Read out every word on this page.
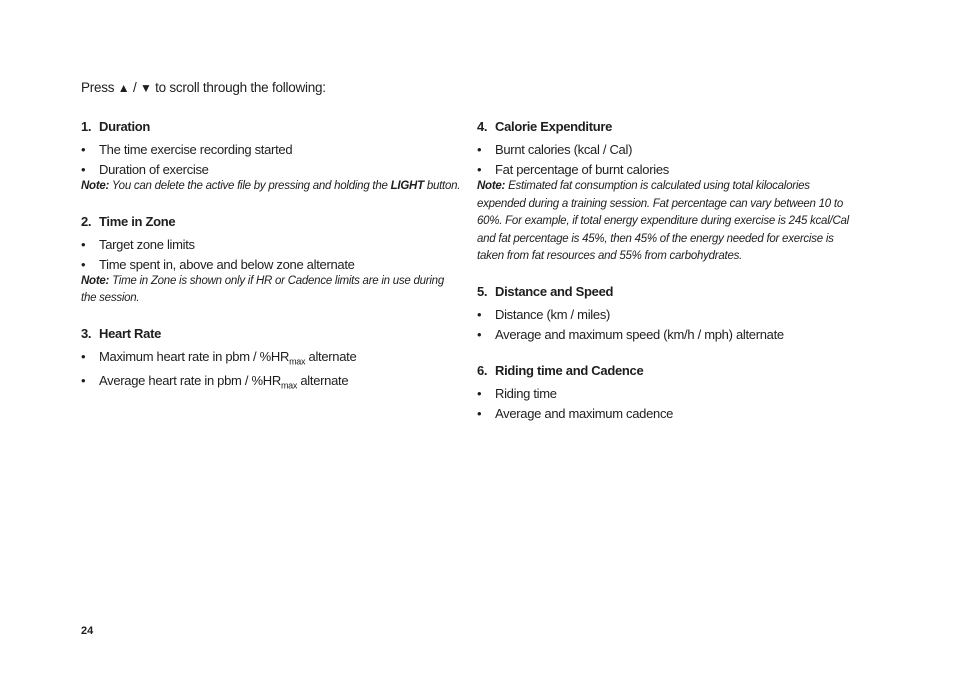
Press ▲ / ▼ to scroll through the following:
1. Duration
•	The time exercise recording started
•	Duration of exercise
Note: You can delete the active file by pressing and holding the LIGHT button.
2. Time in Zone
•	Target zone limits
•	Time spent in, above and below zone alternate
Note: Time in Zone is shown only if HR or Cadence limits are in use during the session.
3. Heart Rate
•	Maximum heart rate in pbm / $\%HR_{max}$ alternate
•	Average heart rate in pbm / $\%HR_{max}$ alternate
4. Calorie Expenditure
•	Burnt calories (kcal / Cal)
•	Fat percentage of burnt calories
Note: Estimated fat consumption is calculated using total kilocalories expended during a training session. Fat percentage can vary between 10 to 60%. For example, if total energy expenditure during exercise is 245 kcal/Cal and fat percentage is 45%, then 45% of the energy needed for exercise is taken from fat resources and 55% from carbohydrates.
5. Distance and Speed
•	Distance (km / miles)
•	Average and maximum speed (km/h / mph) alternate
6. Riding time and Cadence
•	Riding time
•	Average and maximum cadence
24
